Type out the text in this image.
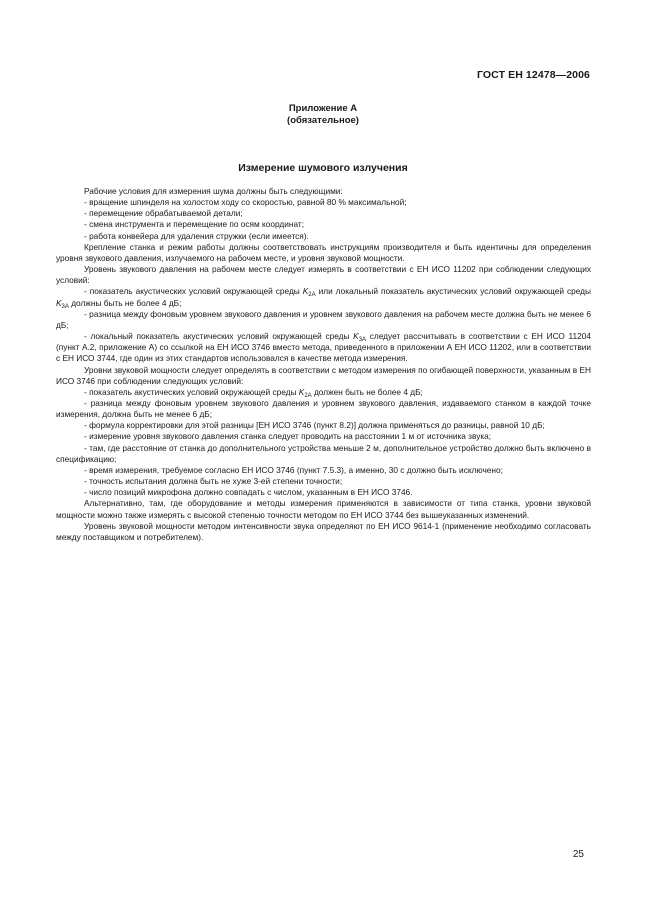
ГОСТ ЕН 12478—2006
Приложение А
(обязательное)
Измерение шумового излучения

Рабочие условия для измерения шума должны быть следующими:

- вращение шпинделя на холостом ходу со скоростью, равной 80 % максимальной;

- перемещение обрабатываемой детали;

- смена инструмента и перемещение по осям координат;

- работа конвейера для удаления стружки (если имеется).

Крепление станка и режим работы должны соответствовать инструкциям производителя и быть идентичны для определения уровня звукового давления, излучаемого на рабочем месте, и уровня звуковой мощности.

Уровень звукового давления на рабочем месте следует измерять в соответствии с ЕН ИСО 11202 при соблюдении следующих условий:

- показатель акустических условий окружающей среды $K_{2A}$ или локальный показатель акустических условий окружающей среды $K_{3A}$ должны быть не более 4 дБ;

- разница между фоновым уровнем звукового давления и уровнем звукового давления на рабочем месте должна быть не менее 6 дБ;

- локальный показатель акустических условий окружающей среды $K_{3A}$ следует рассчитывать в соответствии с ЕН ИСО 11204 (пункт А.2, приложение А) со ссылкой на ЕН ИСО 3746 вместо метода, приведенного в приложении А ЕН ИСО 11202, или в соответствии с ЕН ИСО 3744, где один из этих стандартов использовался в качестве метода измерения.

Уровни звуковой мощности следует определять в соответствии с методом измерения по огибающей поверхности, указанным в ЕН ИСО 3746 при соблюдении следующих условий:

- показатель акустических условий окружающей среды $K_{2A}$ должен быть не более 4 дБ;

- разница между фоновым уровнем звукового давления и уровнем звукового давления, издаваемого станком в каждой точке измерения, должна быть не менее 6 дБ;

- формула корректировки для этой разницы [ЕН ИСО 3746 (пункт 8.2)] должна применяться до разницы, равной 10 дБ;

- измерение уровня звукового давления станка следует проводить на расстоянии 1 м от источника звука;

- там, где расстояние от станка до дополнительного устройства меньше 2 м, дополнительное устройство должно быть включено в спецификацию;

- время измерения, требуемое согласно ЕН ИСО 3746 (пункт 7.5.3), а именно, 30 с должно быть исключено;

- точность испытания должна быть не хуже 3-ей степени точности;

- число позиций микрофона должно совпадать с числом, указанным в ЕН ИСО 3746.

Альтернативно, там, где оборудование и методы измерения применяются в зависимости от типа станка, уровни звуковой мощности можно также измерять с высокой степенью точности методом по ЕН ИСО 3744 без вышеуказанных изменений.

Уровень звуковой мощности методом интенсивности звука определяют по ЕН ИСО 9614-1 (применение необходимо согласовать между поставщиком и потребителем).

25
